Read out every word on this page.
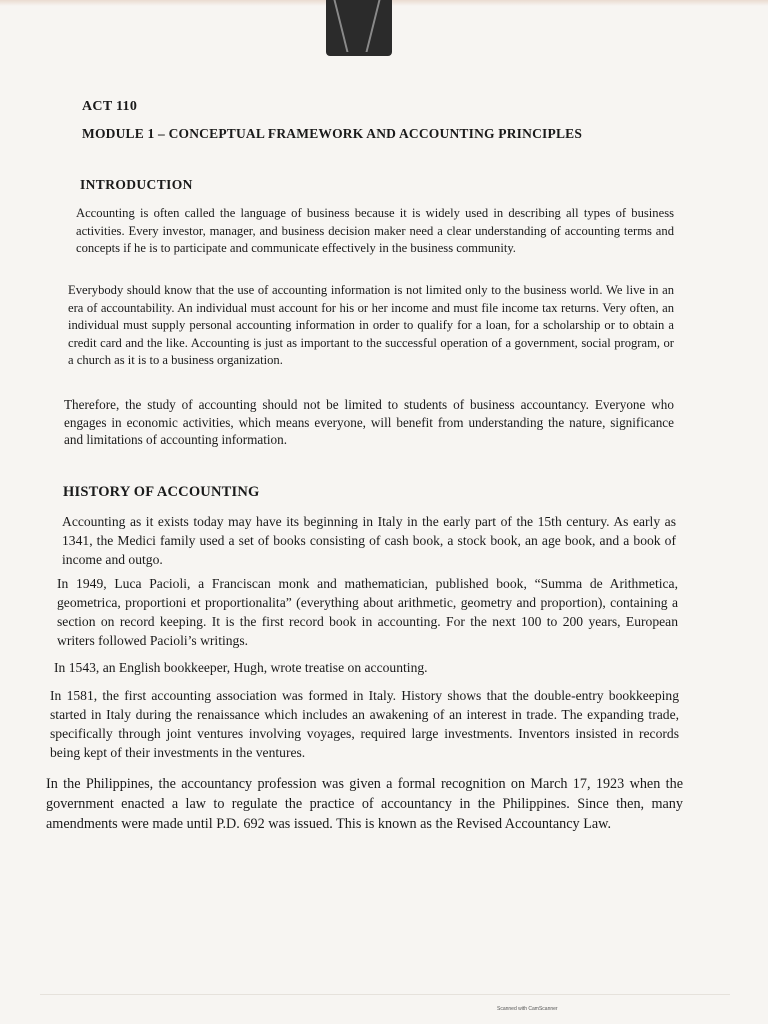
ACT 110
MODULE 1 – CONCEPTUAL FRAMEWORK AND ACCOUNTING PRINCIPLES
INTRODUCTION

Accounting is often called the language of business because it is widely used in describing all types of business activities. Every investor, manager, and business decision maker need a clear understanding of accounting terms and concepts if he is to participate and communicate effectively in the business community.

Everybody should know that the use of accounting information is not limited only to the business world. We live in an era of accountability. An individual must account for his or her income and must file income tax returns. Very often, an individual must supply personal accounting information in order to qualify for a loan, for a scholarship or to obtain a credit card and the like. Accounting is just as important to the successful operation of a government, social program, or a church as it is to a business organization.

Therefore, the study of accounting should not be limited to students of business accountancy. Everyone who engages in economic activities, which means everyone, will benefit from understanding the nature, significance and limitations of accounting information.

HISTORY OF ACCOUNTING

Accounting as it exists today may have its beginning in Italy in the early part of the 15th century. As early as 1341, the Medici family used a set of books consisting of cash book, a stock book, an age book, and a book of income and outgo.

In 1949, Luca Pacioli, a Franciscan monk and mathematician, published book, “Summa de Arithmetica, geometrica, proportioni et proportionalita” (everything about arithmetic, geometry and proportion), containing a section on record keeping. It is the first record book in accounting. For the next 100 to 200 years, European writers followed Pacioli’s writings.

In 1543, an English bookkeeper, Hugh, wrote treatise on accounting.

In 1581, the first accounting association was formed in Italy. History shows that the double-entry bookkeeping started in Italy during the renaissance which includes an awakening of an interest in trade. The expanding trade, specifically through joint ventures involving voyages, required large investments. Inventors insisted in records being kept of their investments in the ventures.

In the Philippines, the accountancy profession was given a formal recognition on March 17, 1923 when the government enacted a law to regulate the practice of accountancy in the Philippines. Since then, many amendments were made until P.D. 692 was issued. This is known as the Revised Accountancy Law.

Scanned with CamScanner
